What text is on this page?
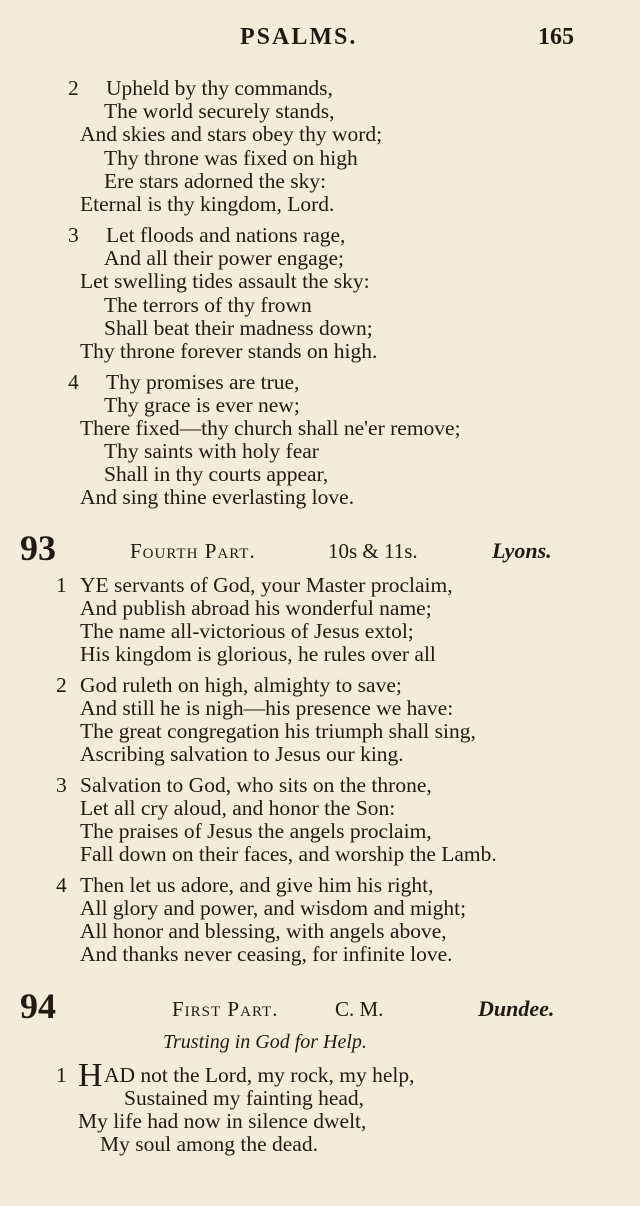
PSALMS.	165
2 Upheld by thy commands,
The world securely stands,
And skies and stars obey thy word;
Thy throne was fixed on high
Ere stars adorned the sky:
Eternal is thy kingdom, Lord.
3 Let floods and nations rage,
And all their power engage;
Let swelling tides assault the sky:
The terrors of thy frown
Shall beat their madness down;
Thy throne forever stands on high.
4 Thy promises are true,
Thy grace is ever new;
There fixed—thy church shall ne'er remove;
Thy saints with holy fear
Shall in thy courts appear,
And sing thine everlasting love.
93	Fourth Part.	10s & 11s.	Lyons.
1 YE servants of God, your Master proclaim,
And publish abroad his wonderful name;
The name all-victorious of Jesus extol;
His kingdom is glorious, he rules over all
2 God ruleth on high, almighty to save;
And still he is nigh—his presence we have:
The great congregation his triumph shall sing,
Ascribing salvation to Jesus our king.
3 Salvation to God, who sits on the throne,
Let all cry aloud, and honor the Son:
The praises of Jesus the angels proclaim,
Fall down on their faces, and worship the Lamb.
4 Then let us adore, and give him his right,
All glory and power, and wisdom and might;
All honor and blessing, with angels above,
And thanks never ceasing, for infinite love.
94	First Part.	C. M.	Dundee.
Trusting in God for Help.
1 H AD not the Lord, my rock, my help,
Sustained my fainting head,
My life had now in silence dwelt,
My soul among the dead.
